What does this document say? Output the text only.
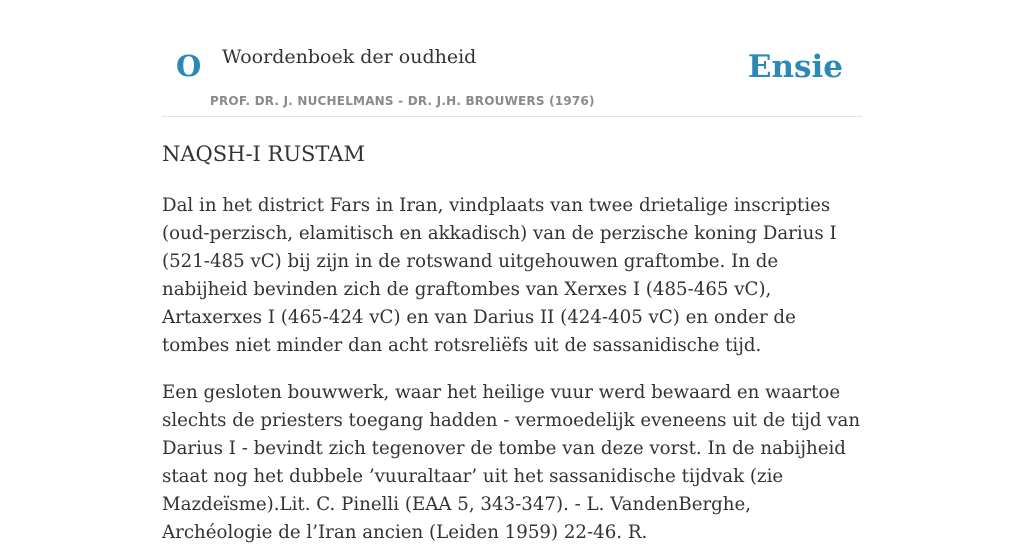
O Woordenboek der oudheid
PROF. DR. J. NUCHELMANS - DR. J.H. BROUWERS (1976)
Ensie
NAQSH-I RUSTAM

Dal in het district Fars in Iran, vindplaats van twee drietalige inscripties (oud-perzisch, elamitisch en akkadisch) van de perzische koning Darius I (521-485 vC) bij zijn in de rotswand uitgehouwen graftombe. In de nabijheid bevinden zich de graftombes van Xerxes I (485-465 vC), Artaxerxes I (465-424 vC) en van Darius II (424-405 vC) en onder de tombes niet minder dan acht rotsreliëfs uit de sassanidische tijd.

Een gesloten bouwwerk, waar het heilige vuur werd bewaard en waartoe slechts de priesters toegang hadden - vermoedelijk eveneens uit de tijd van Darius I - bevindt zich tegenover de tombe van deze vorst. In de nabijheid staat nog het dubbele ’vuuraltaar’ uit het sassanidische tijdvak (zie Mazdeïsme).Lit. C. Pinelli (EAA 5, 343-347). - L. VandenBerghe, Archéologie de l’Iran ancien (Leiden 1959) 22-46. R.
